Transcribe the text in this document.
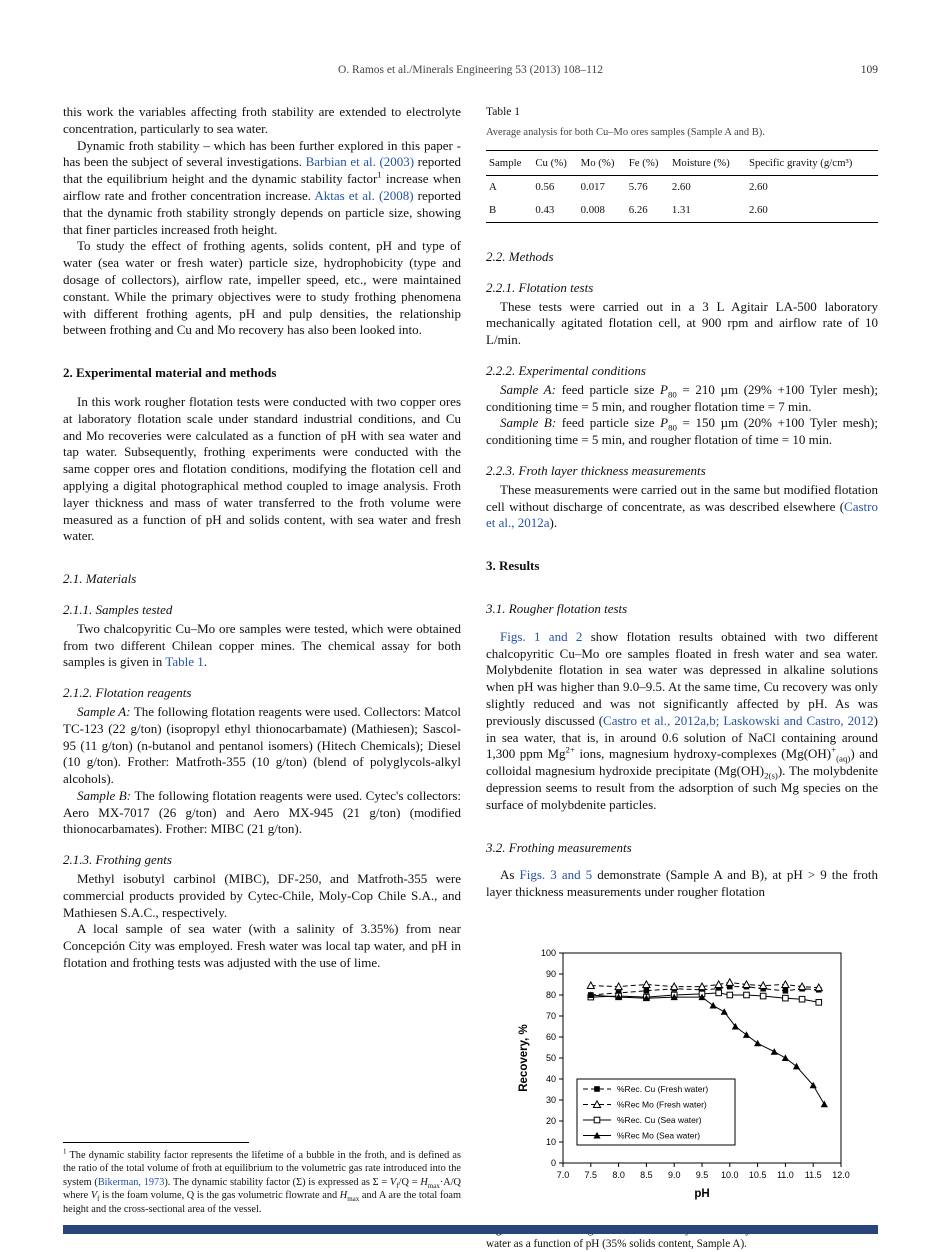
O. Ramos et al./Minerals Engineering 53 (2013) 108–112	109
this work the variables affecting froth stability are extended to electrolyte concentration, particularly to sea water.
Dynamic froth stability – which has been further explored in this paper - has been the subject of several investigations. Barbian et al. (2003) reported that the equilibrium height and the dynamic stability factor$^1$ increase when airflow rate and frother concentration increase. Aktas et al. (2008) reported that the dynamic froth stability strongly depends on particle size, showing that finer particles increased froth height.
To study the effect of frothing agents, solids content, pH and type of water (sea water or fresh water) particle size, hydrophobicity (type and dosage of collectors), airflow rate, impeller speed, etc., were maintained constant. While the primary objectives were to study frothing phenomena with different frothing agents, pH and pulp densities, the relationship between frothing and Cu and Mo recovery has also been looked into.
2. Experimental material and methods
In this work rougher flotation tests were conducted with two copper ores at laboratory flotation scale under standard industrial conditions, and Cu and Mo recoveries were calculated as a function of pH with sea water and tap water. Subsequently, frothing experiments were conducted with the same copper ores and flotation conditions, modifying the flotation cell and applying a digital photographical method coupled to image analysis. Froth layer thickness and mass of water transferred to the froth volume were measured as a function of pH and solids content, with sea water and fresh water.
2.1. Materials
2.1.1. Samples tested
Two chalcopyritic Cu–Mo ore samples were tested, which were obtained from two different Chilean copper mines. The chemical assay for both samples is given in Table 1.
2.1.2. Flotation reagents
Sample A: The following flotation reagents were used. Collectors: Matcol TC-123 (22 g/ton) (isopropyl ethyl thionocarbamate) (Mathiesen); Sascol-95 (11 g/ton) (n-butanol and pentanol isomers) (Hitech Chemicals); Diesel (10 g/ton). Frother: Matfroth-355 (10 g/ton) (blend of polyglycols-alkyl alcohols).
Sample B: The following flotation reagents were used. Cytec's collectors: Aero MX-7017 (26 g/ton) and Aero MX-945 (21 g/ton) (modified thionocarbamates). Frother: MIBC (21 g/ton).
2.1.3. Frothing gents
Methyl isobutyl carbinol (MIBC), DF-250, and Matfroth-355 were commercial products provided by Cytec-Chile, Moly-Cop Chile S.A., and Mathiesen S.A.C., respectively.
A local sample of sea water (with a salinity of 3.35%) from near Concepción City was employed. Fresh water was local tap water, and pH in flotation and frothing tests was adjusted with the use of lime.
Table 1
Average analysis for both Cu–Mo ores samples (Sample A and B).
Sample	Cu (%)	Mo (%)	Fe (%)	Moisture (%)	Specific gravity (g/cm³)
A	0.56	0.017	5.76	2.60	2.60
B	0.43	0.008	6.26	1.31	2.60
2.2. Methods
2.2.1. Flotation tests
These tests were carried out in a 3 L Agitair LA-500 laboratory mechanically agitated flotation cell, at 900 rpm and airflow rate of 10 L/min.
2.2.2. Experimental conditions
Sample A: feed particle size $P_{80} = 210$ µm (29% +100 Tyler mesh); conditioning time = 5 min, and rougher flotation time = 7 min.
Sample B: feed particle size $P_{80} = 150$ µm (20% +100 Tyler mesh); conditioning time = 5 min, and rougher flotation of time = 10 min.
2.2.3. Froth layer thickness measurements
These measurements were carried out in the same but modified flotation cell without discharge of concentrate, as was described elsewhere (Castro et al., 2012a).
3. Results
3.1. Rougher flotation tests
Figs. 1 and 2 show flotation results obtained with two different chalcopyritic Cu–Mo ore samples floated in fresh water and sea water. Molybdenite flotation in sea water was depressed in alkaline solutions when pH was higher than 9.0–9.5. At the same time, Cu recovery was only slightly reduced and was not significantly affected by pH. As was previously discussed (Castro et al., 2012a,b; Laskowski and Castro, 2012) in sea water, that is, in around 0.6 solution of NaCl containing around 1,300 ppm $Mg^{2+}$ ions, magnesium hydroxy-complexes $(Mg(OH)^+_{(aq)})$ and colloidal magnesium hydroxide precipitate $(Mg(OH)_{2(s)})$. The molybdenite depression seems to result from the adsorption of such Mg species on the surface of molybdenite particles.
3.2. Frothing measurements
As Figs. 3 and 5 demonstrate (Sample A and B), at pH > 9 the froth layer thickness measurements under rougher flotation
7.0 7.5 8.0 8.5 9.0 9.5 10.0 10.5 11.0 11.5 12.0
0
10
20
30
40
50
60
70
80
90
100
pH
Recovery, %	%Rec. Cu (Fresh water)
%Rec Mo (Fresh water)
%Rec. Cu (Sea water)
%Rec Mo (Sea water)
water as a function of pH (35% solids content, Sample A).
$^1$ The dynamic stability factor represents the lifetime of a bubble in the froth, and is defined as the ratio of the total volume of froth at equilibrium to the volumetric gas rate introduced into the system (Bikerman, 1973). The dynamic stability factor (Σ) is expressed as $\Sigma = V_f/Q = H_{max}\cdot A/Q$ where $V_f$ is the foam volume, Q is the gas volumetric flowrate and $H_{max}$ and A are the total foam height and the cross-sectional area of the vessel.
